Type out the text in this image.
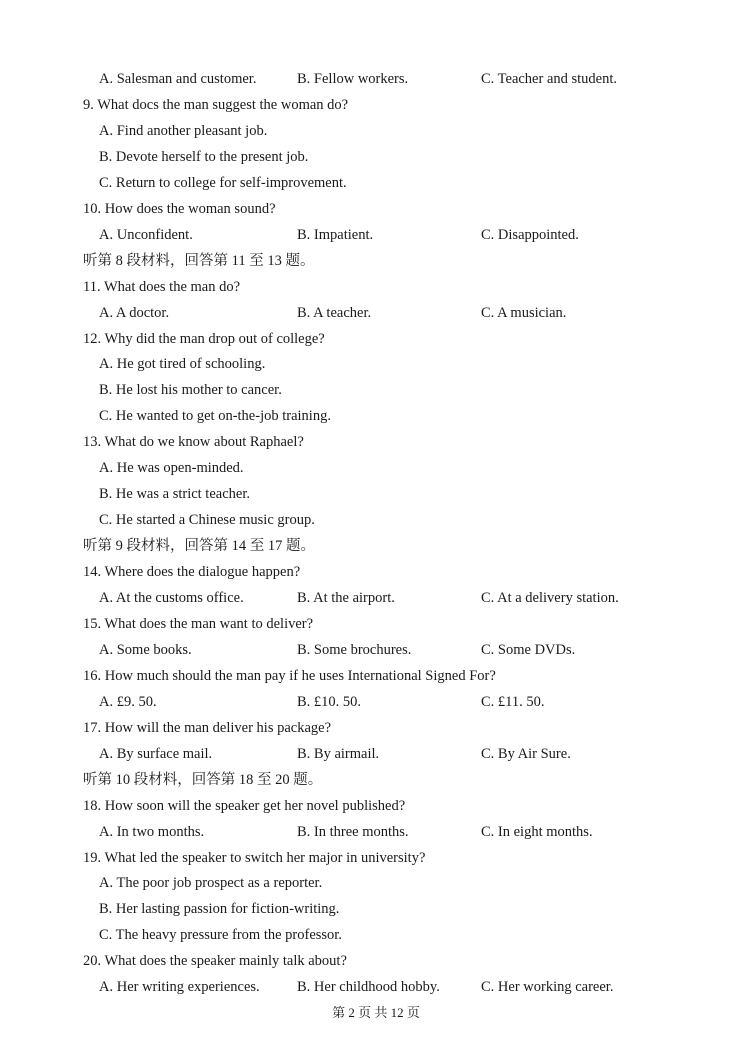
A. Salesman and customer.	B. Fellow workers.	C. Teacher and student.
9. What docs the man suggest the woman do?
A. Find another pleasant job.
B. Devote herself to the present job.
C. Return to college for self-improvement.
10. How does the woman sound?
A. Unconfident.	B. Impatient.	C. Disappointed.
听第 8 段材料，回答第 11 至 13 题。
11. What does the man do?
A. A doctor.	B. A teacher.	C. A musician.
12. Why did the man drop out of college?
A. He got tired of schooling.
B. He lost his mother to cancer.
C. He wanted to get on-the-job training.
13. What do we know about Raphael?
A. He was open-minded.
B. He was a strict teacher.
C. He started a Chinese music group.
听第 9 段材料，回答第 14 至 17 题。
14. Where does the dialogue happen?
A. At the customs office.	B. At the airport.	C. At a delivery station.
15. What does the man want to deliver?
A. Some books.	B. Some brochures.	C. Some DVDs.
16. How much should the man pay if he uses International Signed For?
A. £9. 50.	B. £10. 50.	C. £11. 50.
17. How will the man deliver his package?
A. By surface mail.	B. By airmail.	C. By Air Sure.
听第 10 段材料，回答第 18 至 20 题。
18. How soon will the speaker get her novel published?
A. In two months.	B. In three months.	C. In eight months.
19. What led the speaker to switch her major in university?
A. The poor job prospect as a reporter.
B. Her lasting passion for fiction-writing.
C. The heavy pressure from the professor.
20. What does the speaker mainly talk about?
A. Her writing experiences.	B. Her childhood hobby.	C. Her working career.
第 2 页 共 12 页
